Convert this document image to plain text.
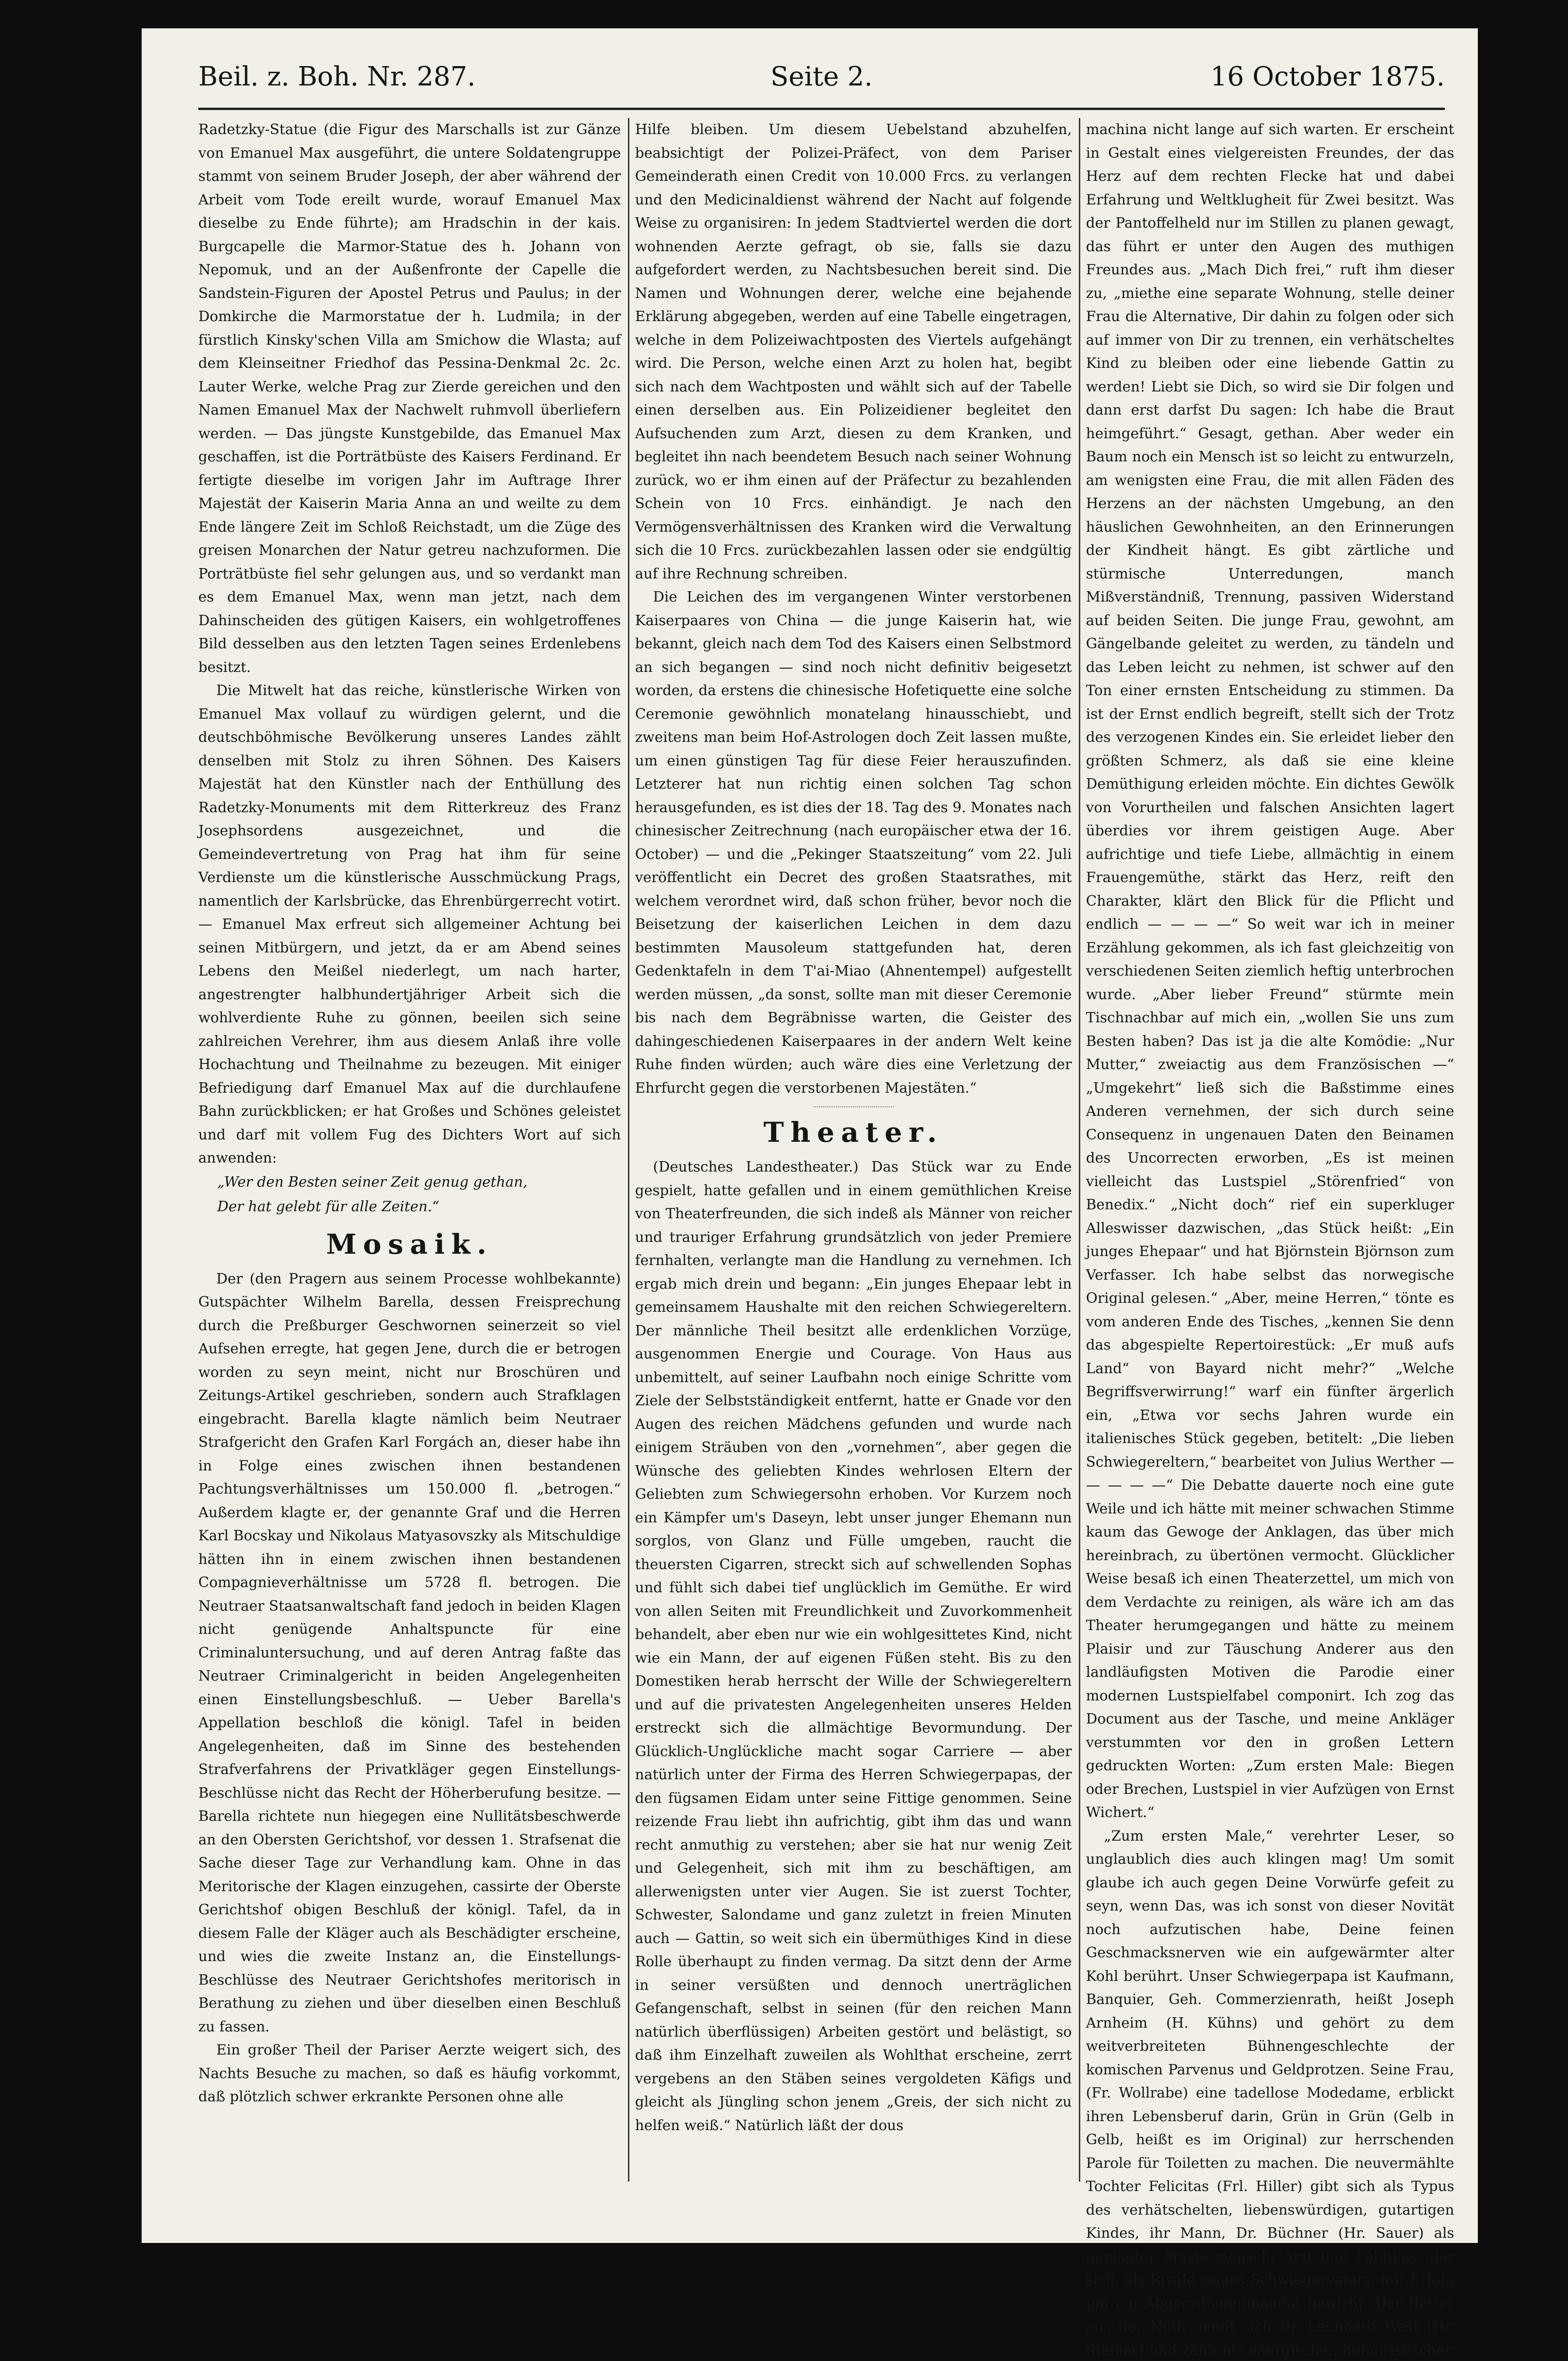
Beil. z. Boh. Nr. 287.	Seite 2.	16 October 1875.

Radetzky-Statue (die Figur des Marschalls ist zur Gänze von Emanuel Max ausgeführt, die untere Soldatengruppe stammt von seinem Bruder Joseph, der aber während der Arbeit vom Tode ereilt wurde, worauf Emanuel Max dieselbe zu Ende führte); am Hradschin in der kais. Burgcapelle die Marmor-Statue des h. Johann von Nepomuk, und an der Außenfronte der Capelle die Sandstein-Figuren der Apostel Petrus und Paulus; in der Domkirche die Marmorstatue der h. Ludmila; in der fürstlich Kinsky'schen Villa am Smichow die Wlasta; auf dem Kleinseitner Friedhof das Pessina-Denkmal 2c. 2c. Lauter Werke, welche Prag zur Zierde gereichen und den Namen Emanuel Max der Nachwelt ruhmvoll überliefern werden. — Das jüngste Kunstgebilde, das Emanuel Max geschaffen, ist die Porträtbüste des Kaisers Ferdinand. Er fertigte dieselbe im vorigen Jahr im Auftrage Ihrer Majestät der Kaiserin Maria Anna an und weilte zu dem Ende längere Zeit im Schloß Reichstadt, um die Züge des greisen Monarchen der Natur getreu nachzuformen. Die Porträtbüste fiel sehr gelungen aus, und so verdankt man es dem Emanuel Max, wenn man jetzt, nach dem Dahinscheiden des gütigen Kaisers, ein wohlgetroffenes Bild desselben aus den letzten Tagen seines Erdenlebens besitzt.

Die Mitwelt hat das reiche, künstlerische Wirken von Emanuel Max vollauf zu würdigen gelernt, und die deutschböhmische Bevölkerung unseres Landes zählt denselben mit Stolz zu ihren Söhnen. Des Kaisers Majestät hat den Künstler nach der Enthüllung des Radetzky-Monuments mit dem Ritterkreuz des Franz Josephsordens ausgezeichnet, und die Gemeindevertretung von Prag hat ihm für seine Verdienste um die künstlerische Ausschmückung Prags, namentlich der Karlsbrücke, das Ehrenbürgerrecht votirt. — Emanuel Max erfreut sich allgemeiner Achtung bei seinen Mitbürgern, und jetzt, da er am Abend seines Lebens den Meißel niederlegt, um nach harter, angestrengter halbhundertjähriger Arbeit sich die wohlverdiente Ruhe zu gönnen, beeilen sich seine zahlreichen Verehrer, ihm aus diesem Anlaß ihre volle Hochachtung und Theilnahme zu bezeugen. Mit einiger Befriedigung darf Emanuel Max auf die durchlaufene Bahn zurückblicken; er hat Großes und Schönes geleistet und darf mit vollem Fug des Dichters Wort auf sich anwenden:

„Wer den Besten seiner Zeit genug gethan,

Der hat gelebt für alle Zeiten.“

Mosaik.

Der (den Pragern aus seinem Processe wohlbekannte) Gutspächter Wilhelm Barella, dessen Freisprechung durch die Preßburger Geschwornen seinerzeit so viel Aufsehen erregte, hat gegen Jene, durch die er betrogen worden zu seyn meint, nicht nur Broschüren und Zeitungs-Artikel geschrieben, sondern auch Strafklagen eingebracht. Barella klagte nämlich beim Neutraer Strafgericht den Grafen Karl Forgách an, dieser habe ihn in Folge eines zwischen ihnen bestandenen Pachtungsverhältnisses um 150.000 fl. „betrogen.“ Außerdem klagte er, der genannte Graf und die Herren Karl Bocskay und Nikolaus Matyasovszky als Mitschuldige hätten ihn in einem zwischen ihnen bestandenen Compagnieverhältnisse um 5728 fl. betrogen. Die Neutraer Staatsanwaltschaft fand jedoch in beiden Klagen nicht genügende Anhaltspuncte für eine Criminaluntersuchung, und auf deren Antrag faßte das Neutraer Criminalgericht in beiden Angelegenheiten einen Einstellungsbeschluß. — Ueber Barella's Appellation beschloß die königl. Tafel in beiden Angelegenheiten, daß im Sinne des bestehenden Strafverfahrens der Privatkläger gegen Einstellungs-Beschlüsse nicht das Recht der Höherberufung besitze. — Barella richtete nun hiegegen eine Nullitätsbeschwerde an den Obersten Gerichtshof, vor dessen 1. Strafsenat die Sache dieser Tage zur Verhandlung kam. Ohne in das Meritorische der Klagen einzugehen, cassirte der Oberste Gerichtshof obigen Beschluß der königl. Tafel, da in diesem Falle der Kläger auch als Beschädigter erscheine, und wies die zweite Instanz an, die Einstellungs-Beschlüsse des Neutraer Gerichtshofes meritorisch in Berathung zu ziehen und über dieselben einen Beschluß zu fassen.

Ein großer Theil der Pariser Aerzte weigert sich, des Nachts Besuche zu machen, so daß es häufig vorkommt, daß plötzlich schwer erkrankte Personen ohne alle

Hilfe bleiben. Um diesem Uebelstand abzuhelfen, beabsichtigt der Polizei-Präfect, von dem Pariser Gemeinderath einen Credit von 10.000 Frcs. zu verlangen und den Medicinaldienst während der Nacht auf folgende Weise zu organisiren: In jedem Stadtviertel werden die dort wohnenden Aerzte gefragt, ob sie, falls sie dazu aufgefordert werden, zu Nachtsbesuchen bereit sind. Die Namen und Wohnungen derer, welche eine bejahende Erklärung abgegeben, werden auf eine Tabelle eingetragen, welche in dem Polizeiwachtposten des Viertels aufgehängt wird. Die Person, welche einen Arzt zu holen hat, begibt sich nach dem Wachtposten und wählt sich auf der Tabelle einen derselben aus. Ein Polizeidiener begleitet den Aufsuchenden zum Arzt, diesen zu dem Kranken, und begleitet ihn nach beendetem Besuch nach seiner Wohnung zurück, wo er ihm einen auf der Präfectur zu bezahlenden Schein von 10 Frcs. einhändigt. Je nach den Vermögensverhältnissen des Kranken wird die Verwaltung sich die 10 Frcs. zurückbezahlen lassen oder sie endgültig auf ihre Rechnung schreiben.

Die Leichen des im vergangenen Winter verstorbenen Kaiserpaares von China — die junge Kaiserin hat, wie bekannt, gleich nach dem Tod des Kaisers einen Selbstmord an sich begangen — sind noch nicht definitiv beigesetzt worden, da erstens die chinesische Hofetiquette eine solche Ceremonie gewöhnlich monatelang hinausschiebt, und zweitens man beim Hof-Astrologen doch Zeit lassen mußte, um einen günstigen Tag für diese Feier herauszufinden. Letzterer hat nun richtig einen solchen Tag schon herausgefunden, es ist dies der 18. Tag des 9. Monates nach chinesischer Zeitrechnung (nach europäischer etwa der 16. October) — und die „Pekinger Staatszeitung“ vom 22. Juli veröffentlicht ein Decret des großen Staatsrathes, mit welchem verordnet wird, daß schon früher, bevor noch die Beisetzung der kaiserlichen Leichen in dem dazu bestimmten Mausoleum stattgefunden hat, deren Gedenktafeln in dem T'ai-Miao (Ahnentempel) aufgestellt werden müssen, „da sonst, sollte man mit dieser Ceremonie bis nach dem Begräbnisse warten, die Geister des dahingeschiedenen Kaiserpaares in der andern Welt keine Ruhe finden würden; auch wäre dies eine Verletzung der Ehrfurcht gegen die verstorbenen Majestäten.“

Theater.

(Deutsches Landestheater.) Das Stück war zu Ende gespielt, hatte gefallen und in einem gemüthlichen Kreise von Theaterfreunden, die sich indeß als Männer von reicher und trauriger Erfahrung grundsätzlich von jeder Premiere fernhalten, verlangte man die Handlung zu vernehmen. Ich ergab mich drein und begann: „Ein junges Ehepaar lebt in gemeinsamem Haushalte mit den reichen Schwiegereltern. Der männliche Theil besitzt alle erdenklichen Vorzüge, ausgenommen Energie und Courage. Von Haus aus unbemittelt, auf seiner Laufbahn noch einige Schritte vom Ziele der Selbstständigkeit entfernt, hatte er Gnade vor den Augen des reichen Mädchens gefunden und wurde nach einigem Sträuben von den „vornehmen“, aber gegen die Wünsche des geliebten Kindes wehrlosen Eltern der Geliebten zum Schwiegersohn erhoben. Vor Kurzem noch ein Kämpfer um's Daseyn, lebt unser junger Ehemann nun sorglos, von Glanz und Fülle umgeben, raucht die theuersten Cigarren, streckt sich auf schwellenden Sophas und fühlt sich dabei tief unglücklich im Gemüthe. Er wird von allen Seiten mit Freundlichkeit und Zuvorkommenheit behandelt, aber eben nur wie ein wohlgesittetes Kind, nicht wie ein Mann, der auf eigenen Füßen steht. Bis zu den Domestiken herab herrscht der Wille der Schwiegereltern und auf die privatesten Angelegenheiten unseres Helden erstreckt sich die allmächtige Bevormundung. Der Glücklich-Unglückliche macht sogar Carriere — aber natürlich unter der Firma des Herren Schwiegerpapas, der den fügsamen Eidam unter seine Fittige genommen. Seine reizende Frau liebt ihn aufrichtig, gibt ihm das und wann recht anmuthig zu verstehen; aber sie hat nur wenig Zeit und Gelegenheit, sich mit ihm zu beschäftigen, am allerwenigsten unter vier Augen. Sie ist zuerst Tochter, Schwester, Salondame und ganz zuletzt in freien Minuten auch — Gattin, so weit sich ein übermüthiges Kind in diese Rolle überhaupt zu finden vermag. Da sitzt denn der Arme in seiner versüßten und dennoch unerträglichen Gefangenschaft, selbst in seinen (für den reichen Mann natürlich überflüssigen) Arbeiten gestört und belästigt, so daß ihm Einzelhaft zuweilen als Wohlthat erscheine, zerrt vergebens an den Stäben seines vergoldeten Käfigs und gleicht als Jüngling schon jenem „Greis, der sich nicht zu helfen weiß.“ Natürlich läßt der dous

machina nicht lange auf sich warten. Er erscheint in Gestalt eines vielgereisten Freundes, der das Herz auf dem rechten Flecke hat und dabei Erfahrung und Weltklugheit für Zwei besitzt. Was der Pantoffelheld nur im Stillen zu planen gewagt, das führt er unter den Augen des muthigen Freundes aus. „Mach Dich frei,“ ruft ihm dieser zu, „miethe eine separate Wohnung, stelle deiner Frau die Alternative, Dir dahin zu folgen oder sich auf immer von Dir zu trennen, ein verhätscheltes Kind zu bleiben oder eine liebende Gattin zu werden! Liebt sie Dich, so wird sie Dir folgen und dann erst darfst Du sagen: Ich habe die Braut heimgeführt.“ Gesagt, gethan. Aber weder ein Baum noch ein Mensch ist so leicht zu entwurzeln, am wenigsten eine Frau, die mit allen Fäden des Herzens an der nächsten Umgebung, an den häuslichen Gewohnheiten, an den Erinnerungen der Kindheit hängt. Es gibt zärtliche und stürmische Unterredungen, manch Mißverständniß, Trennung, passiven Widerstand auf beiden Seiten. Die junge Frau, gewohnt, am Gängelbande geleitet zu werden, zu tändeln und das Leben leicht zu nehmen, ist schwer auf den Ton einer ernsten Entscheidung zu stimmen. Da ist der Ernst endlich begreift, stellt sich der Trotz des verzogenen Kindes ein. Sie erleidet lieber den größten Schmerz, als daß sie eine kleine Demüthigung erleiden möchte. Ein dichtes Gewölk von Vorurtheilen und falschen Ansichten lagert überdies vor ihrem geistigen Auge. Aber aufrichtige und tiefe Liebe, allmächtig in einem Frauengemüthe, stärkt das Herz, reift den Charakter, klärt den Blick für die Pflicht und endlich — — — —“ So weit war ich in meiner Erzählung gekommen, als ich fast gleichzeitig von verschiedenen Seiten ziemlich heftig unterbrochen wurde. „Aber lieber Freund“ stürmte mein Tischnachbar auf mich ein, „wollen Sie uns zum Besten haben? Das ist ja die alte Komödie: „Nur Mutter,“ zweiactig aus dem Französischen —“ „Umgekehrt“ ließ sich die Baßstimme eines Anderen vernehmen, der sich durch seine Consequenz in ungenauen Daten den Beinamen des Uncorrecten erworben, „Es ist meinen vielleicht das Lustspiel „Störenfried“ von Benedix.“ „Nicht doch“ rief ein superkluger Alleswisser dazwischen, „das Stück heißt: „Ein junges Ehepaar“ und hat Björnstein Björnson zum Verfasser. Ich habe selbst das norwegische Original gelesen.“ „Aber, meine Herren,“ tönte es vom anderen Ende des Tisches, „kennen Sie denn das abgespielte Repertoirestück: „Er muß aufs Land“ von Bayard nicht mehr?“ „Welche Begriffsverwirrung!“ warf ein fünfter ärgerlich ein, „Etwa vor sechs Jahren wurde ein italienisches Stück gegeben, betitelt: „Die lieben Schwiegereltern,“ bearbeitet von Julius Werther — — — — —“ Die Debatte dauerte noch eine gute Weile und ich hätte mit meiner schwachen Stimme kaum das Gewoge der Anklagen, das über mich hereinbrach, zu übertönen vermocht. Glücklicher Weise besaß ich einen Theaterzettel, um mich von dem Verdachte zu reinigen, als wäre ich am das Theater herumgegangen und hätte zu meinem Plaisir und zur Täuschung Anderer aus den landläufigsten Motiven die Parodie einer modernen Lustspielfabel componirt. Ich zog das Document aus der Tasche, und meine Ankläger verstummten vor den in großen Lettern gedruckten Worten: „Zum ersten Male: Biegen oder Brechen, Lustspiel in vier Aufzügen von Ernst Wichert.“

„Zum ersten Male,“ verehrter Leser, so unglaublich dies auch klingen mag! Um somit glaube ich auch gegen Deine Vorwürfe gefeit zu seyn, wenn Das, was ich sonst von dieser Novität noch aufzutischen habe, Deine feinen Geschmacksnerven wie ein aufgewärmter alter Kohl berührt. Unser Schwiegerpapa ist Kaufmann, Banquier, Geh. Commerzienrath, heißt Joseph Arnheim (H. Kühns) und gehört zu dem weitverbreiteten Bühnengeschlechte der komischen Parvenus und Geldprotzen. Seine Frau, (Fr. Wollrabe) eine tadellose Modedame, erblickt ihren Lebensberuf darin, Grün in Grün (Gelb in Gelb, heißt es im Original) zur herrschenden Parole für Toiletten zu machen. Die neuvermählte Tochter Felicitas (Frl. Hiller) gibt sich als Typus des verhätschelten, liebenswürdigen, gutartigen Kindes, ihr Mann, Dr. Büchner (Hr. Sauer) als geplagter Mustermensch, Arzt und Politikus, der sich, als Rivale seines Schwiegervaters, mit Erfolg um ein Abgeordnetenmandat bewirbt. Der Retter aus der Noth nennt sich Dr. Leonhard West (Hr. Steinar) und zählt als energischer, humoristischer,
